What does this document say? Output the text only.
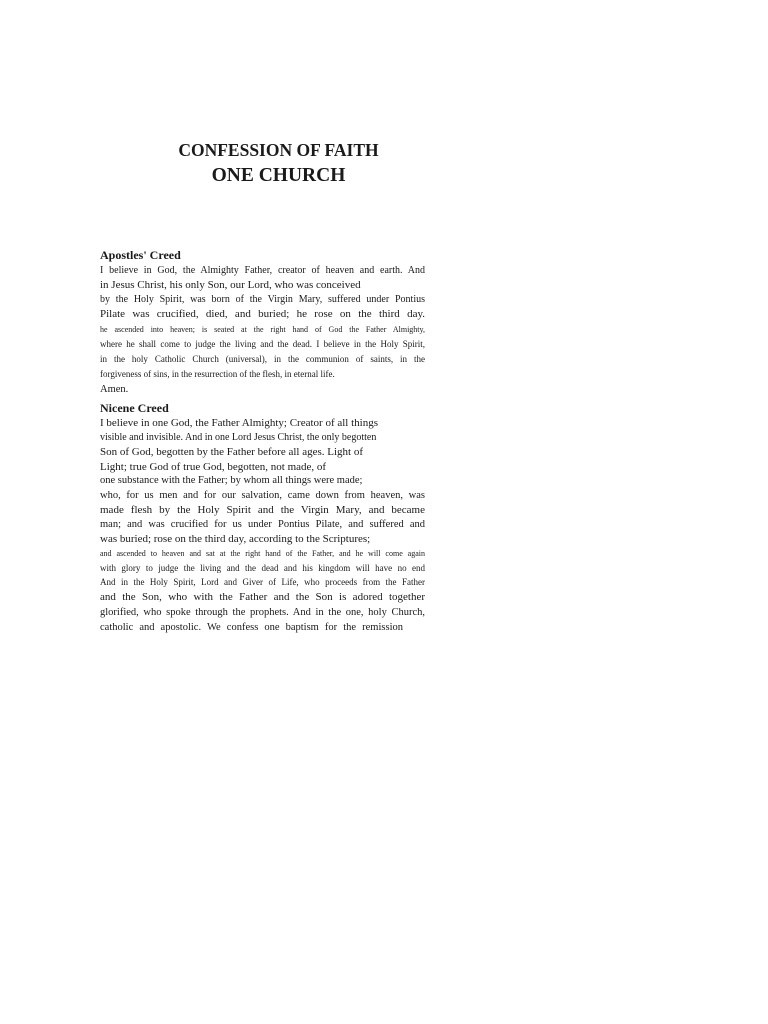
CONFESSION OF FAITH
ONE CHURCH

Apostles' Creed

I believe in God, the Almighty Father, creator of heaven and earth. And
in Jesus Christ, his only Son, our Lord, who was conceived
by the Holy Spirit, was born of the Virgin Mary, suffered under Pontius
Pilate was crucified, died, and buried; he rose on the third day.
he ascended into heaven; is seated at the right hand of God the Father Almighty,
where he shall come to judge the living and the dead. I believe in the Holy Spirit,
in the holy Catholic Church (universal), in the communion of saints, in the
forgiveness of sins, in the resurrection of the flesh, in eternal life.
Amen.

Nicene Creed

I believe in one God, the Father Almighty; Creator of all things
visible and invisible. And in one Lord Jesus Christ, the only begotten
Son of God, begotten by the Father before all ages. Light of
Light; true God of true God, begotten, not made, of
one substance with the Father; by whom all things were made;
who, for us men and for our salvation, came down from heaven, was
made flesh by the Holy Spirit and the Virgin Mary, and became
man; and was crucified for us under Pontius Pilate, and suffered and
was buried; rose on the third day, according to the Scriptures;
and ascended to heaven and sat at the right hand of the Father, and he will come again
with glory to judge the living and the dead and his kingdom will have no end
And in the Holy Spirit, Lord and Giver of Life, who proceeds from the Father
and the Son, who with the Father and the Son is adored together
glorified, who spoke through the prophets. And in the one, holy Church,
catholic and apostolic. We confess one baptism for the remission
